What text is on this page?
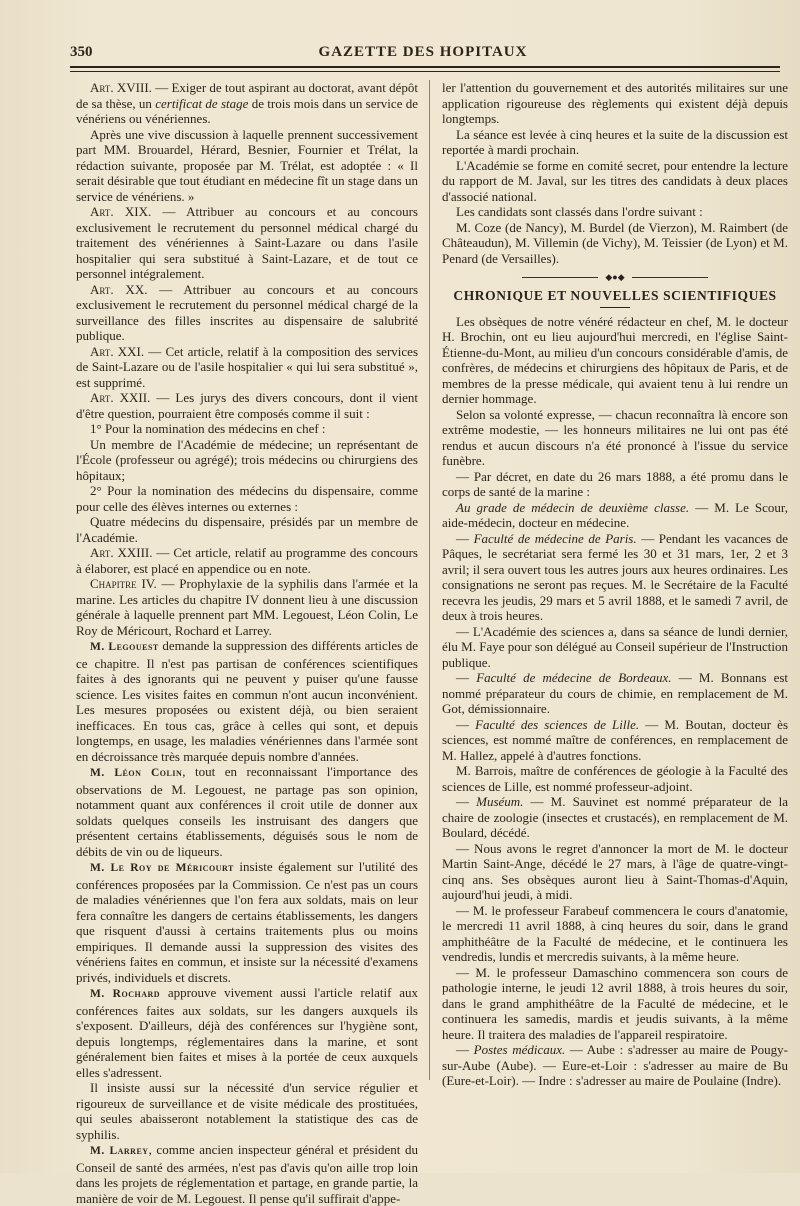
350	GAZETTE DES HOPITAUX

Art. XVIII. — Exiger de tout aspirant au doctorat, avant dépôt de sa thèse, un certificat de stage de trois mois dans un service de vénériens ou vénériennes.

Après une vive discussion à laquelle prennent successivement part MM. Brouardel, Hérard, Besnier, Fournier et Trélat, la rédaction suivante, proposée par M. Trélat, est adoptée : « Il serait désirable que tout étudiant en médecine fît un stage dans un service de vénériens. »

Art. XIX. — Attribuer au concours et au concours exclusivement le recrutement du personnel médical chargé du traitement des vénériennes à Saint-Lazare ou dans l'asile hospitalier qui sera substitué à Saint-Lazare, et de tout ce personnel intégralement.

Art. XX. — Attribuer au concours et au concours exclusivement le recrutement du personnel médical chargé de la surveillance des filles inscrites au dispensaire de salubrité publique.

Art. XXI. — Cet article, relatif à la composition des services de Saint-Lazare ou de l'asile hospitalier « qui lui sera substitué », est supprimé.

Art. XXII. — Les jurys des divers concours, dont il vient d'être question, pourraient être composés comme il suit :

1° Pour la nomination des médecins en chef :

Un membre de l'Académie de médecine; un représentant de l'École (professeur ou agrégé); trois médecins ou chirurgiens des hôpitaux;

2° Pour la nomination des médecins du dispensaire, comme pour celle des élèves internes ou externes :

Quatre médecins du dispensaire, présidés par un membre de l'Académie.

Art. XXIII. — Cet article, relatif au programme des concours à élaborer, est placé en appendice ou en note.

Chapitre IV. — Prophylaxie de la syphilis dans l'armée et la marine. Les articles du chapitre IV donnent lieu à une discussion générale à laquelle prennent part MM. Legouest, Léon Colin, Le Roy de Méricourt, Rochard et Larrey.

M. Legouest demande la suppression des différents articles de ce chapitre. Il n'est pas partisan de conférences scientifiques faites à des ignorants qui ne peuvent y puiser qu'une fausse science. Les visites faites en commun n'ont aucun inconvénient. Les mesures proposées ou existent déjà, ou bien seraient inefficaces. En tous cas, grâce à celles qui sont, et depuis longtemps, en usage, les maladies vénériennes dans l'armée sont en décroissance très marquée depuis nombre d'années.

M. Léon Colin, tout en reconnaissant l'importance des observations de M. Legouest, ne partage pas son opinion, notamment quant aux conférences il croit utile de donner aux soldats quelques conseils les instruisant des dangers que présentent certains établissements, déguisés sous le nom de débits de vin ou de liqueurs.

M. Le Roy de Méricourt insiste également sur l'utilité des conférences proposées par la Commission. Ce n'est pas un cours de maladies vénériennes que l'on fera aux soldats, mais on leur fera connaître les dangers de certains établissements, les dangers que risquent d'aussi à certains traitements plus ou moins empiriques. Il demande aussi la suppression des visites des vénériens faites en commun, et insiste sur la nécessité d'examens privés, individuels et discrets.

M. Rochard approuve vivement aussi l'article relatif aux conférences faites aux soldats, sur les dangers auxquels ils s'exposent. D'ailleurs, déjà des conférences sur l'hygiène sont, depuis longtemps, réglementaires dans la marine, et sont généralement bien faites et mises à la portée de ceux auxquels elles s'adressent.

Il insiste aussi sur la nécessité d'un service régulier et rigoureux de surveillance et de visite médicale des prostituées, qui seules abaisseront notablement la statistique des cas de syphilis.

M. Larrey, comme ancien inspecteur général et président du Conseil de santé des armées, n'est pas d'avis qu'on aille trop loin dans les projets de réglementation et partage, en grande partie, la manière de voir de M. Legouest. Il pense qu'il suffirait d'appe-

ler l'attention du gouvernement et des autorités militaires sur une application rigoureuse des règlements qui existent déjà depuis longtemps.

La séance est levée à cinq heures et la suite de la discussion est reportée à mardi prochain.

L'Académie se forme en comité secret, pour entendre la lecture du rapport de M. Javal, sur les titres des candidats à deux places d'associé national.

Les candidats sont classés dans l'ordre suivant :

M. Coze (de Nancy), M. Burdel (de Vierzon), M. Raimbert (de Châteaudun), M. Villemin (de Vichy), M. Teissier (de Lyon) et M. Penard (de Versailles).

◆●◆
CHRONIQUE ET NOUVELLES SCIENTIFIQUES

Les obsèques de notre vénéré rédacteur en chef, M. le docteur H. Brochin, ont eu lieu aujourd'hui mercredi, en l'église Saint-Étienne-du-Mont, au milieu d'un concours considérable d'amis, de confrères, de médecins et chirurgiens des hôpitaux de Paris, et de membres de la presse médicale, qui avaient tenu à lui rendre un dernier hommage.

Selon sa volonté expresse, — chacun reconnaîtra là encore son extrême modestie, — les honneurs militaires ne lui ont pas été rendus et aucun discours n'a été prononcé à l'issue du service funèbre.

— Par décret, en date du 26 mars 1888, a été promu dans le corps de santé de la marine :

Au grade de médecin de deuxième classe. — M. Le Scour, aide-médecin, docteur en médecine.

— Faculté de médecine de Paris. — Pendant les vacances de Pâques, le secrétariat sera fermé les 30 et 31 mars, 1er, 2 et 3 avril; il sera ouvert tous les autres jours aux heures ordinaires. Les consignations ne seront pas reçues. M. le Secrétaire de la Faculté recevra les jeudis, 29 mars et 5 avril 1888, et le samedi 7 avril, de deux à trois heures.

— L'Académie des sciences a, dans sa séance de lundi dernier, élu M. Faye pour son délégué au Conseil supérieur de l'Instruction publique.

— Faculté de médecine de Bordeaux. — M. Bonnans est nommé préparateur du cours de chimie, en remplacement de M. Got, démissionnaire.

— Faculté des sciences de Lille. — M. Boutan, docteur ès sciences, est nommé maître de conférences, en remplacement de M. Hallez, appelé à d'autres fonctions.

M. Barrois, maître de conférences de géologie à la Faculté des sciences de Lille, est nommé professeur-adjoint.

— Muséum. — M. Sauvinet est nommé préparateur de la chaire de zoologie (insectes et crustacés), en remplacement de M. Boulard, décédé.

— Nous avons le regret d'annoncer la mort de M. le docteur Martin Saint-Ange, décédé le 27 mars, à l'âge de quatre-vingt-cinq ans. Ses obsèques auront lieu à Saint-Thomas-d'Aquin, aujourd'hui jeudi, à midi.

— M. le professeur Farabeuf commencera le cours d'anatomie, le mercredi 11 avril 1888, à cinq heures du soir, dans le grand amphithéâtre de la Faculté de médecine, et le continuera les vendredis, lundis et mercredis suivants, à la même heure.

— M. le professeur Damaschino commencera son cours de pathologie interne, le jeudi 12 avril 1888, à trois heures du soir, dans le grand amphithéâtre de la Faculté de médecine, et le continuera les samedis, mardis et jeudis suivants, à la même heure. Il traitera des maladies de l'appareil respiratoire.

— Postes médicaux. — Aube : s'adresser au maire de Pougy-sur-Aube (Aube). — Eure-et-Loir : s'adresser au maire de Bu (Eure-et-Loir). — Indre : s'adresser au maire de Poulaine (Indre).
